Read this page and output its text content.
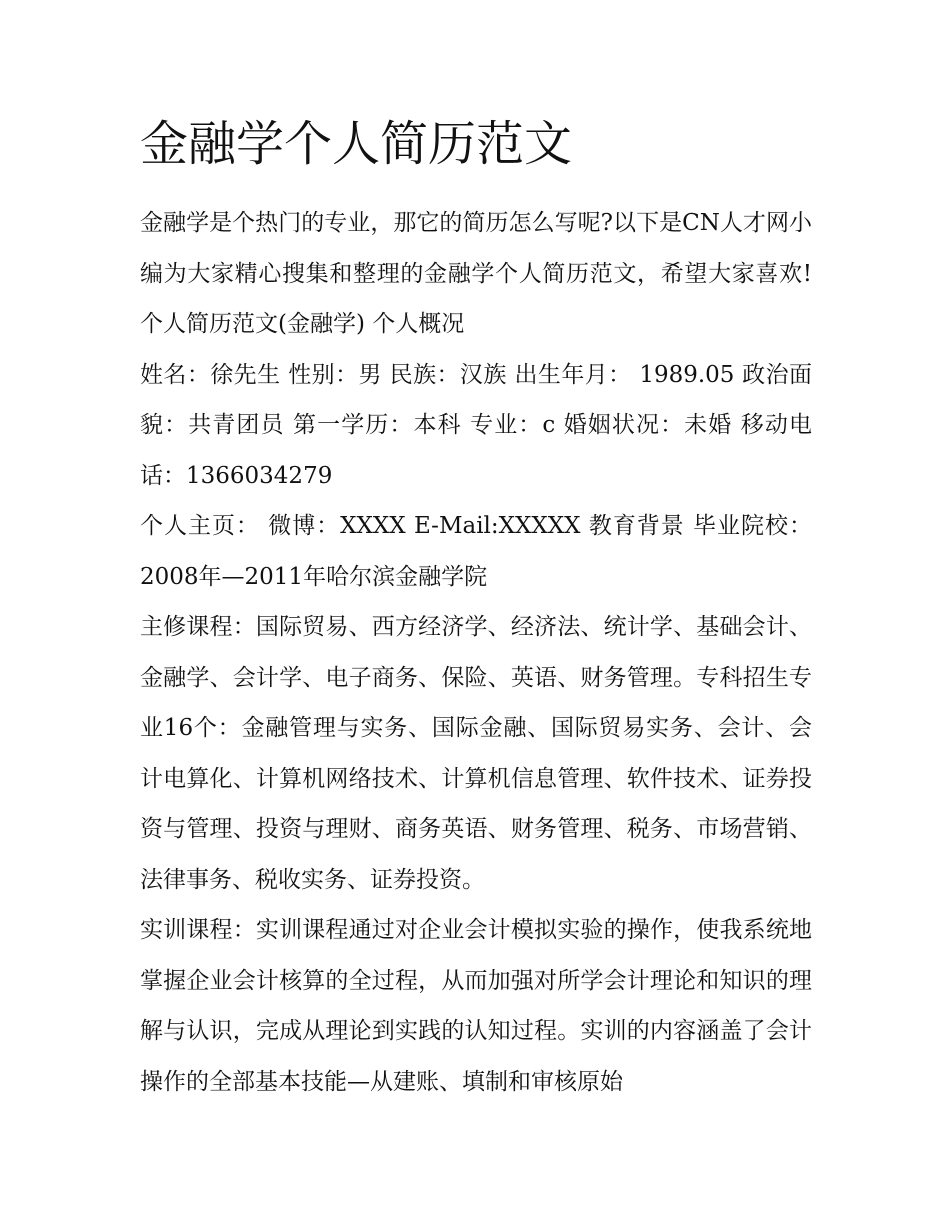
金融学个人简历范文

金融学是个热门的专业，那它的简历怎么写呢?以下是CN人才网小编为大家精心搜集和整理的金融学个人简历范文，希望大家喜欢! 个人简历范文(金融学) 个人概况

姓名：徐先生 性别：男 民族：汉族 出生年月： 1989.05 政治面貌：共青团员 第一学历：本科 专业：c 婚姻状况：未婚 移动电话：1366034279

个人主页： 微博：XXXX E-Mail:XXXXX 教育背景 毕业院校：2008年—2011年哈尔滨金融学院

主修课程：国际贸易、西方经济学、经济法、统计学、基础会计、金融学、会计学、电子商务、保险、英语、财务管理。专科招生专业16个：金融管理与实务、国际金融、国际贸易实务、会计、会计电算化、计算机网络技术、计算机信息管理、软件技术、证券投资与管理、投资与理财、商务英语、财务管理、税务、市场营销、法律事务、税收实务、证券投资。

实训课程：实训课程通过对企业会计模拟实验的操作，使我系统地掌握企业会计核算的全过程，从而加强对所学会计理论和知识的理解与认识，完成从理论到实践的认知过程。实训的内容涵盖了会计操作的全部基本技能—从建账、填制和审核原始
